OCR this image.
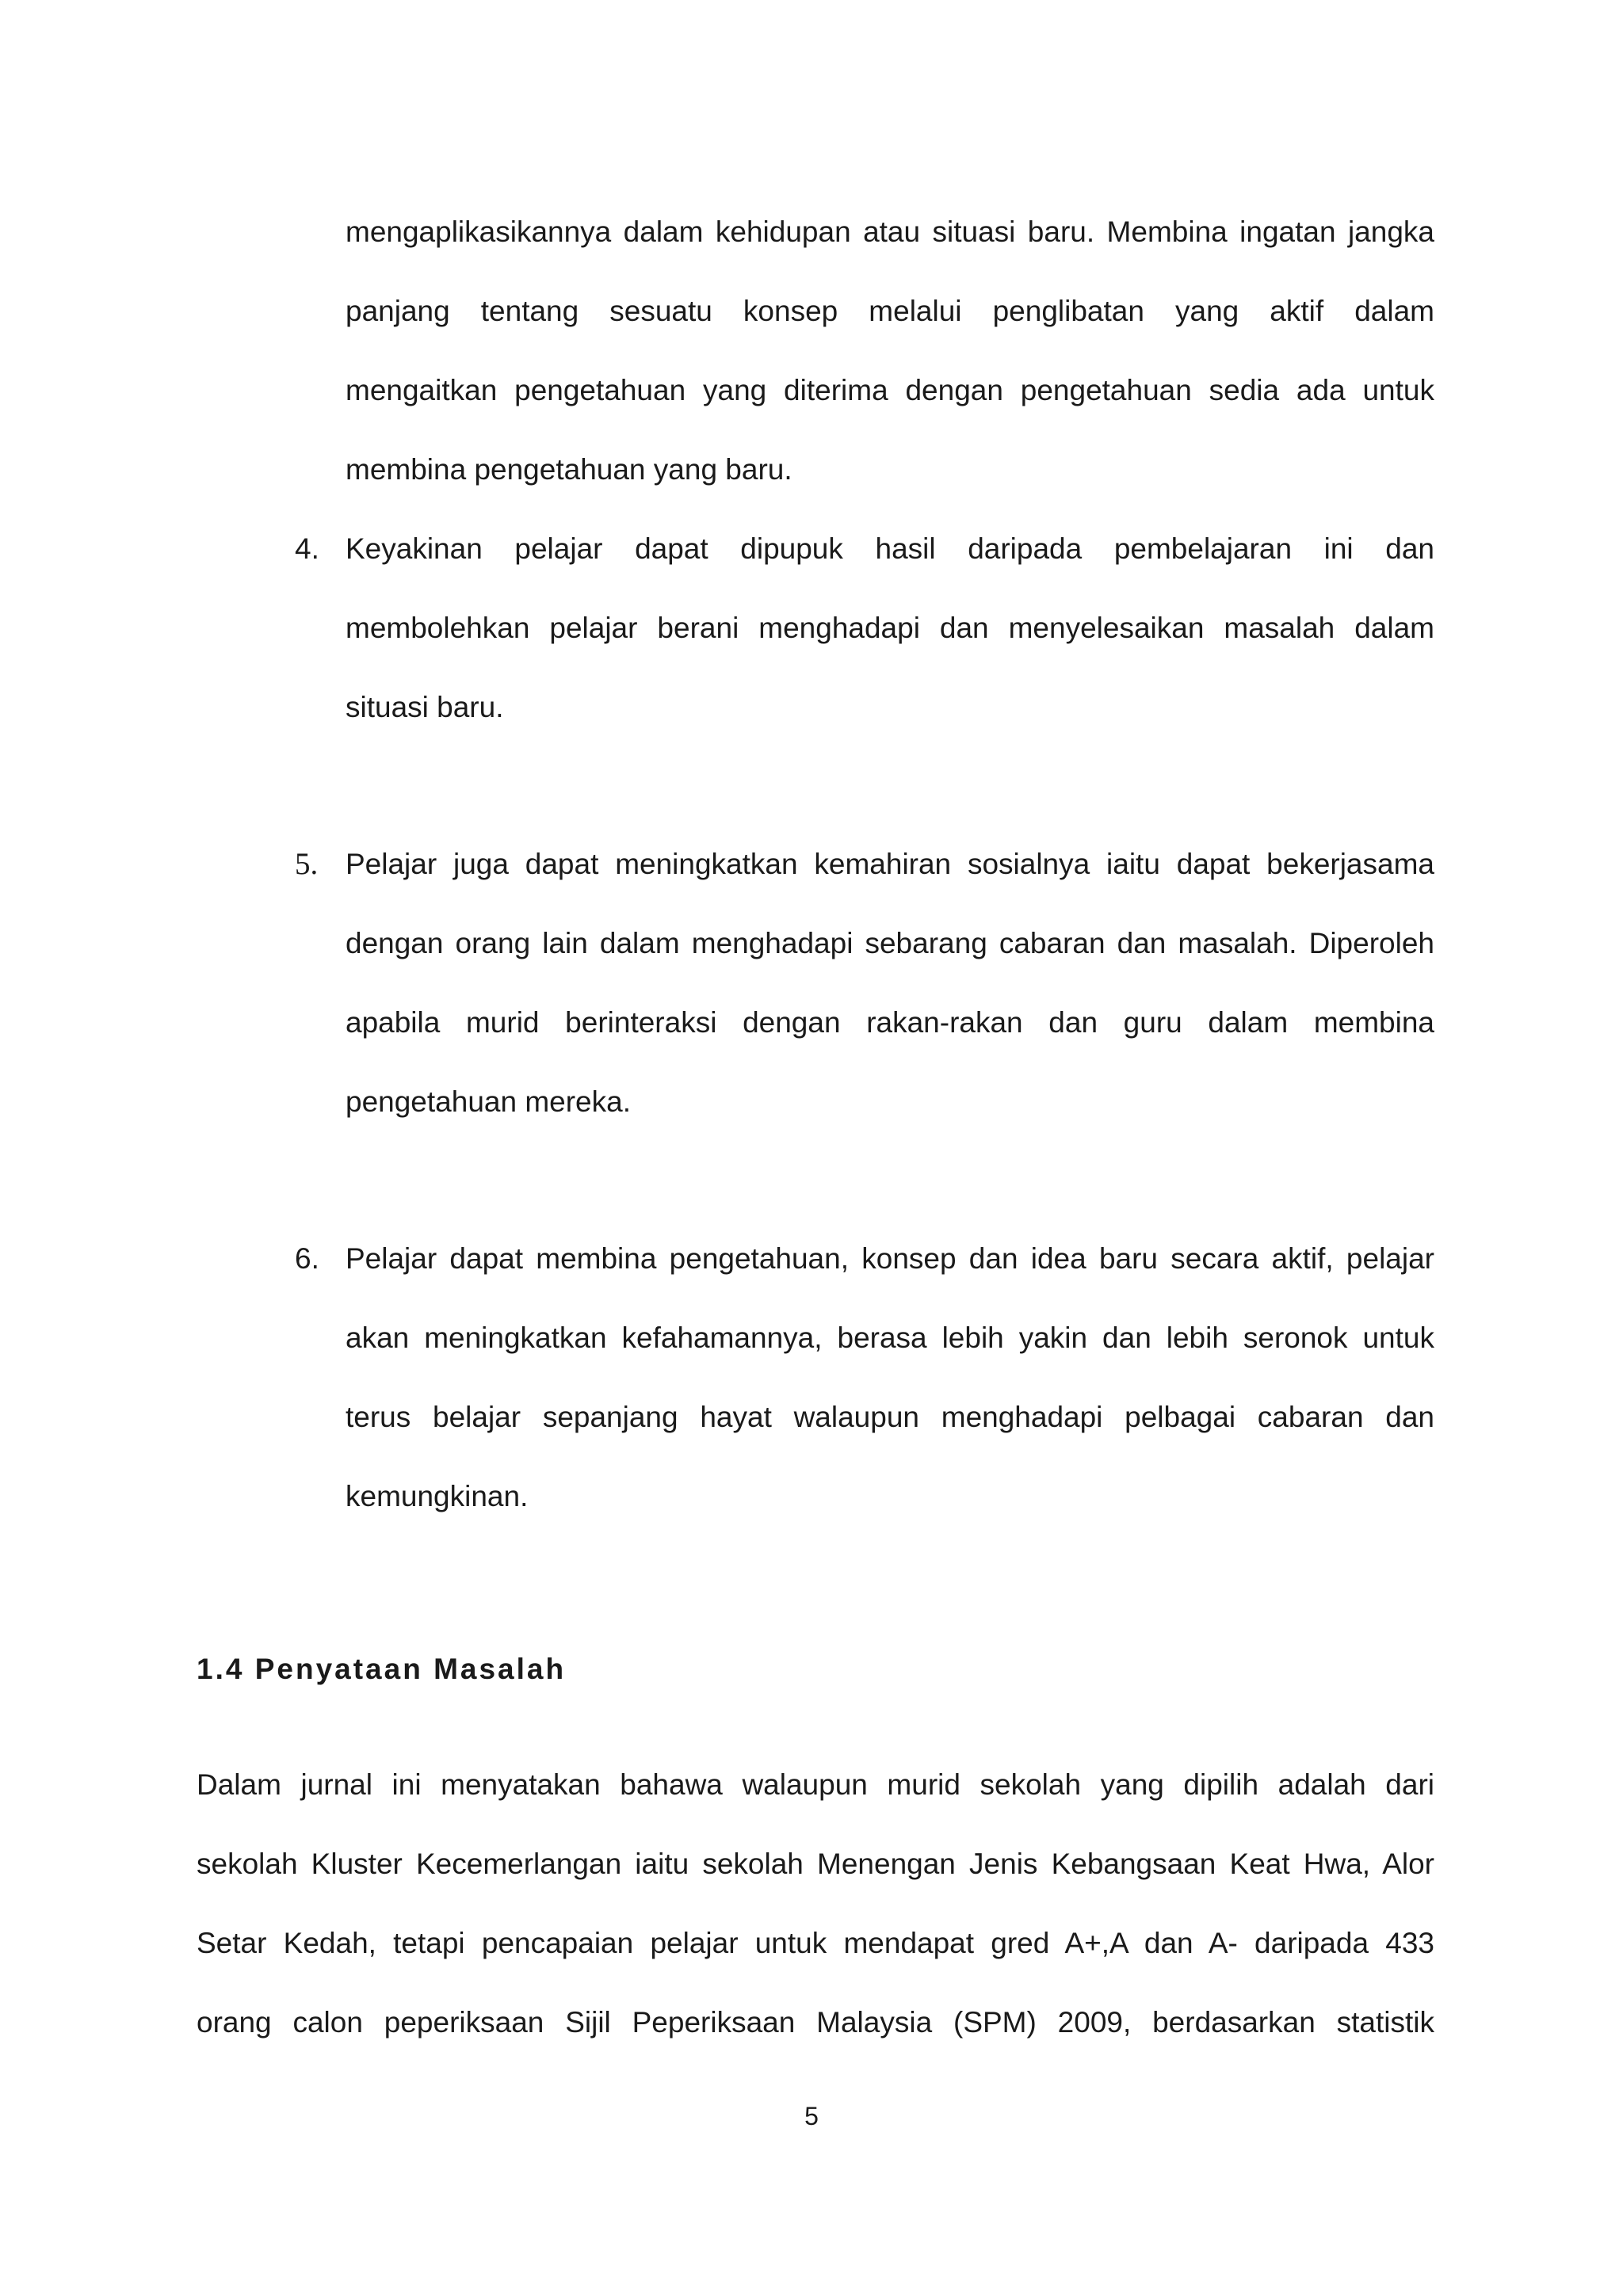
mengaplikasikannya dalam kehidupan atau situasi baru. Membina ingatan jangka
panjang tentang sesuatu konsep melalui penglibatan yang aktif dalam
mengaitkan pengetahuan yang diterima dengan pengetahuan sedia ada untuk
membina pengetahuan yang baru.
4. Keyakinan pelajar dapat dipupuk hasil daripada pembelajaran ini dan
membolehkan pelajar berani menghadapi dan menyelesaikan masalah dalam
situasi baru.
5. Pelajar juga dapat meningkatkan kemahiran sosialnya iaitu dapat bekerjasama
dengan orang lain dalam menghadapi sebarang cabaran dan masalah. Diperoleh
apabila murid berinteraksi dengan rakan-rakan dan guru dalam membina
pengetahuan mereka.
6. Pelajar dapat membina pengetahuan, konsep dan idea baru secara aktif, pelajar
akan meningkatkan kefahamannya, berasa lebih yakin dan lebih seronok untuk
terus belajar sepanjang hayat walaupun menghadapi pelbagai cabaran dan
kemungkinan.
1.4 Penyataan Masalah
Dalam jurnal ini menyatakan bahawa walaupun murid sekolah yang dipilih adalah dari
sekolah Kluster Kecemerlangan iaitu sekolah Menengan Jenis Kebangsaan Keat Hwa, Alor
Setar Kedah, tetapi pencapaian pelajar untuk mendapat gred A+,A dan A- daripada 433
orang calon peperiksaan Sijil Peperiksaan Malaysia (SPM) 2009, berdasarkan statistik
5
